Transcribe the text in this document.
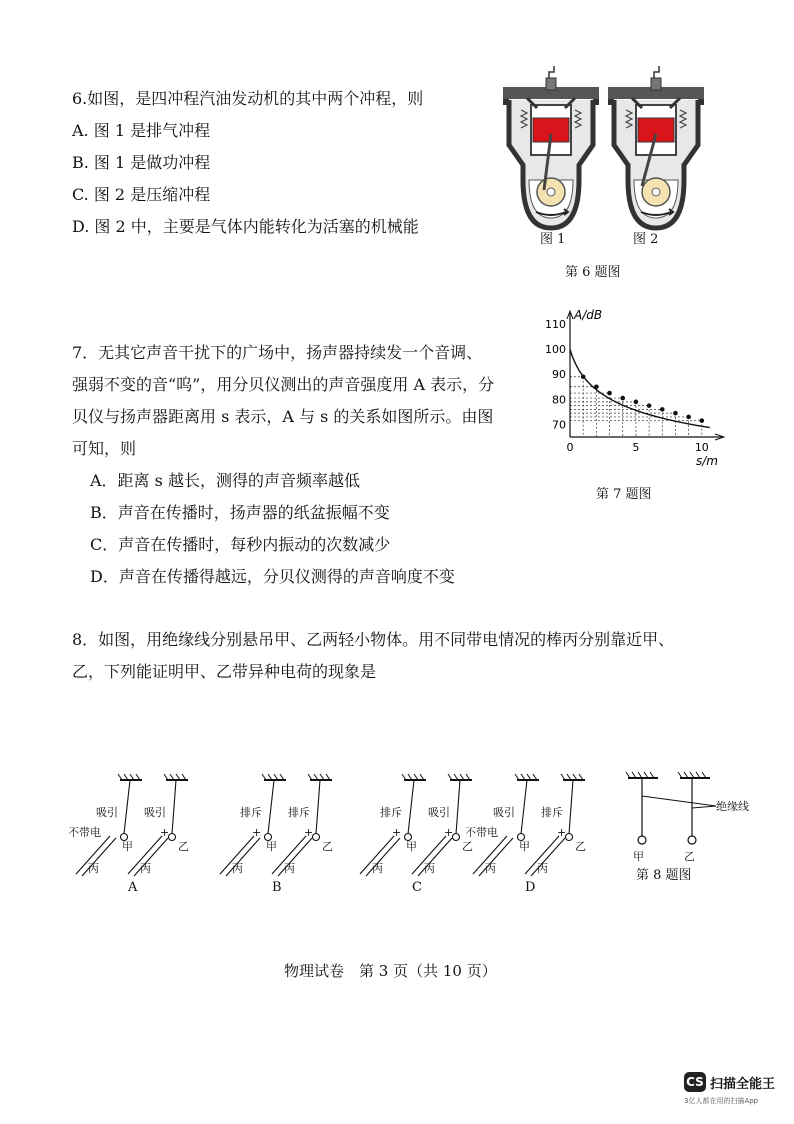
6.如图，是四冲程汽油发动机的其中两个冲程，则
A. 图 1 是排气冲程
B. 图 1 是做功冲程
C. 图 2 是压缩冲程
D. 图 2 中，主要是气体内能转化为活塞的机械能
图 1	图 2
第 6 题图
7．无其它声音干扰下的广场中，扬声器持续发一个音调、
强弱不变的音“呜”，用分贝仪测出的声音强度用 A 表示，分
贝仪与扬声器距离用 s 表示，A 与 s 的关系如图所示。由图
可知，则
A．距离 s 越长，测得的声音频率越低
B．声音在传播时，扬声器的纸盆振幅不变
C．声音在传播时，每秒内振动的次数减少
D．声音在传播得越远，分贝仪测得的声音响度不变
110
100
90
80
70
0	5	10
A/dB
s/m
第 7 题图
8．如图，用绝缘线分别悬吊甲、乙两轻小物体。用不同带电情况的棒丙分别靠近甲、
乙，下列能证明甲、乙带异种电荷的现象是
吸引 吸引
不带电	+
甲	乙
丙	丙
A
排斥 排斥
+	+
甲	乙
丙	丙
B
排斥 吸引
+	+
甲	乙
丙	丙
C
吸引 排斥
不带电	+
甲	乙
丙	丙
D
绝缘线
甲	乙
第 8 题图
物理试卷　第 3 页（共 10 页）
CS 扫描全能王
3亿人都在用的扫描App
